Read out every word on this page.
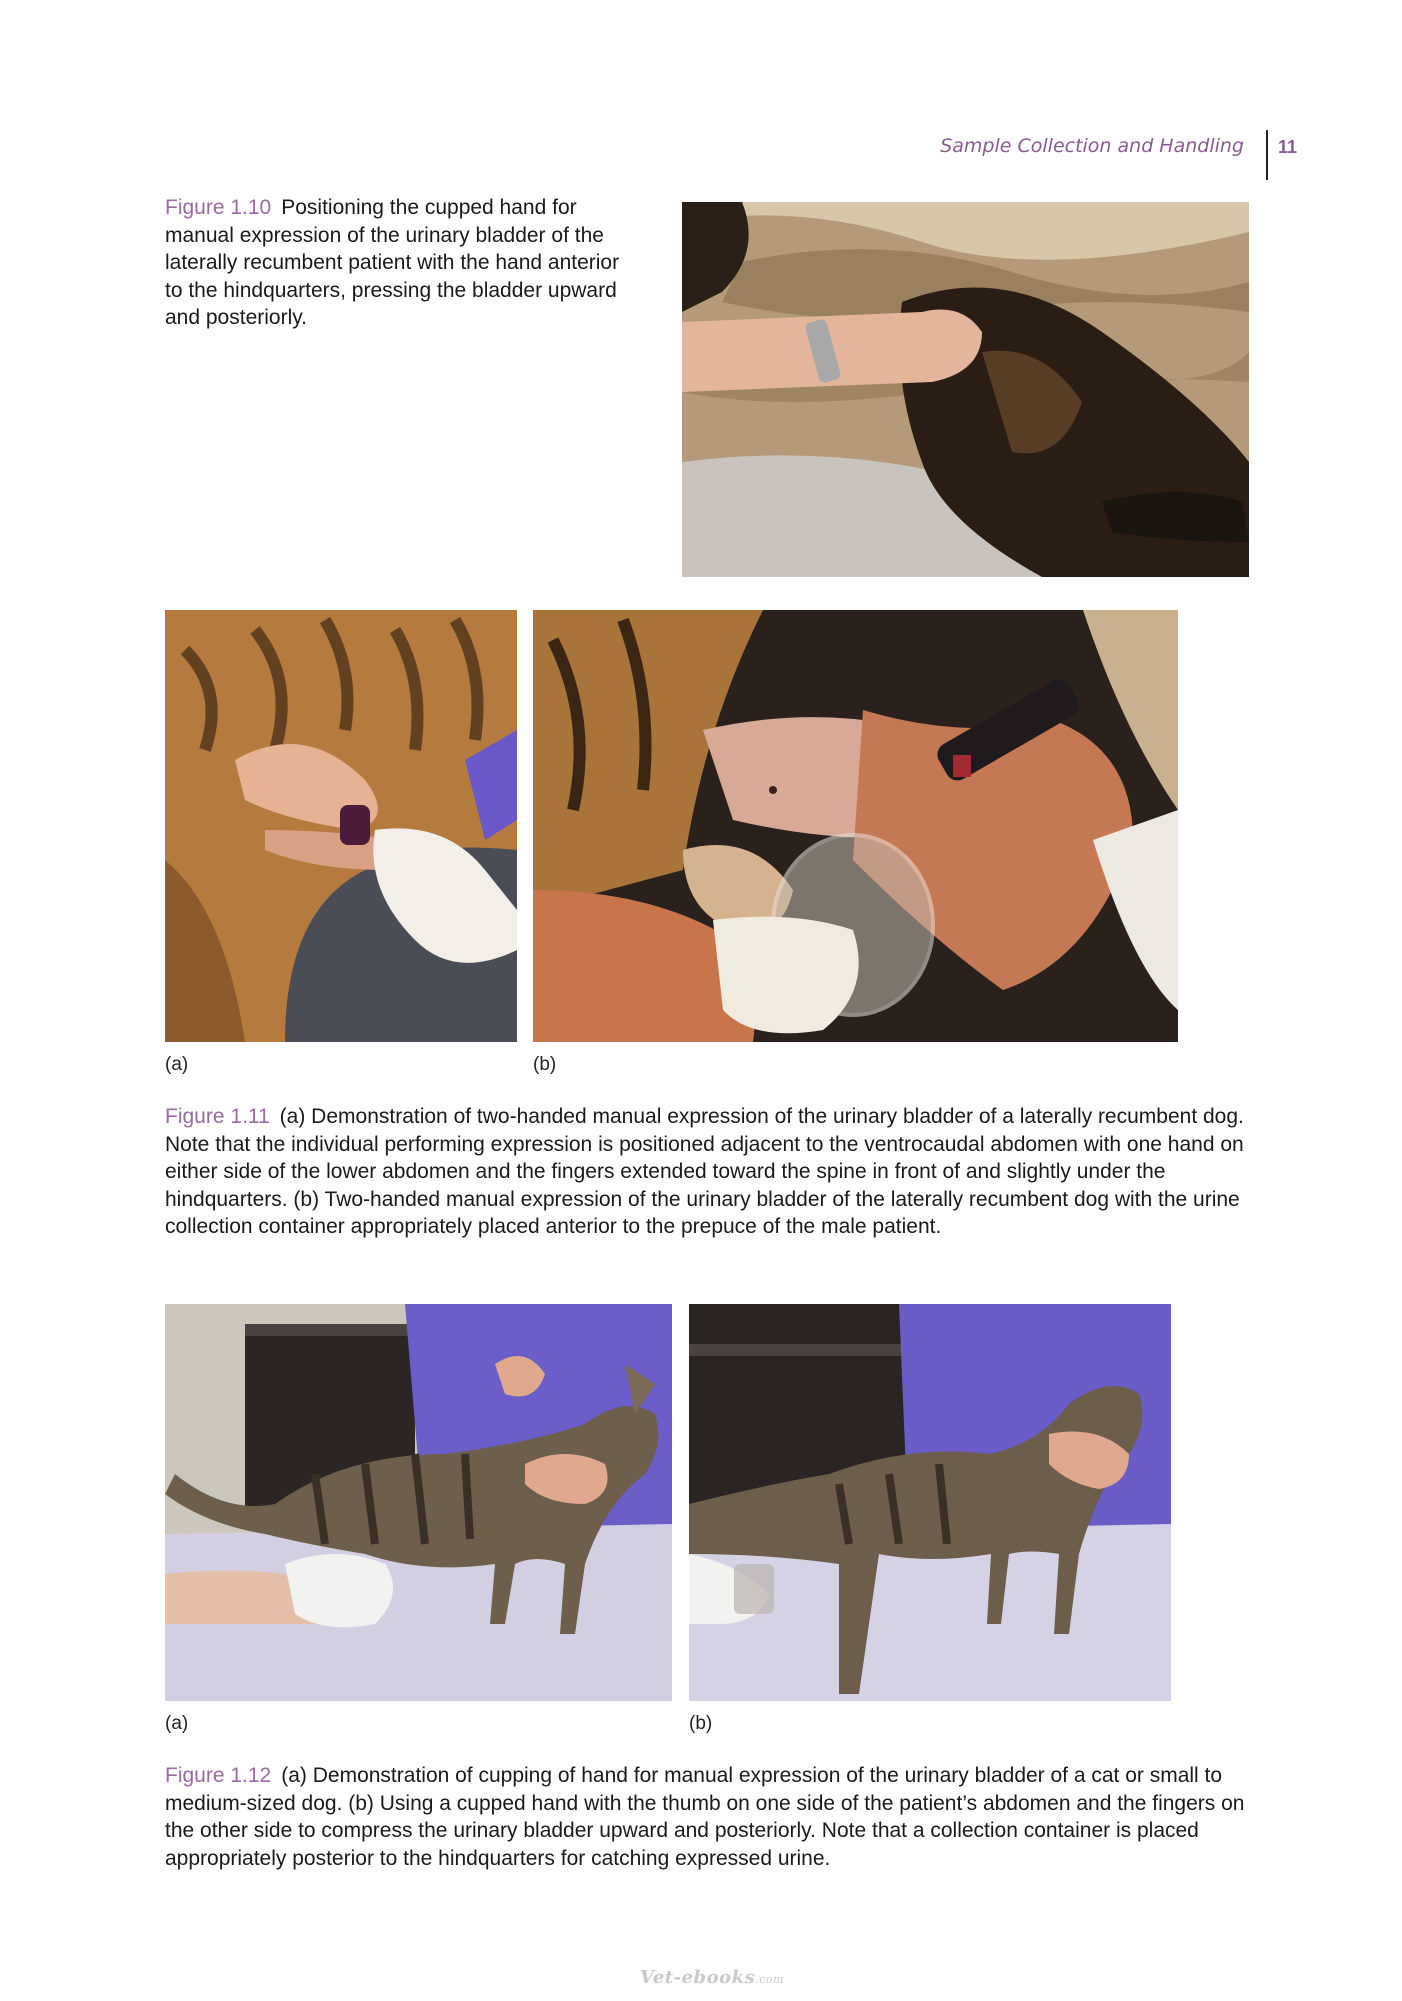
Sample Collection and Handling 11
Figure 1.10 Positioning the cupped hand for manual expression of the urinary bladder of the laterally recumbent patient with the hand anterior to the hindquarters, pressing the bladder upward and posteriorly.
(a)	(b)
Figure 1.11 (a) Demonstration of two-handed manual expression of the urinary bladder of a laterally recumbent dog. Note that the individual performing expression is positioned adjacent to the ventrocaudal abdomen with one hand on either side of the lower abdomen and the fingers extended toward the spine in front of and slightly under the hindquarters. (b) Two-handed manual expression of the urinary bladder of the laterally recumbent dog with the urine collection container appropriately placed anterior to the prepuce of the male patient.
(a)	(b)
Figure 1.12 (a) Demonstration of cupping of hand for manual expression of the urinary bladder of a cat or small to medium-sized dog. (b) Using a cupped hand with the thumb on one side of the patient’s abdomen and the fingers on the other side to compress the urinary bladder upward and posteriorly. Note that a collection container is placed appropriately posterior to the hindquarters for catching expressed urine.
Vet-ebooks.com
